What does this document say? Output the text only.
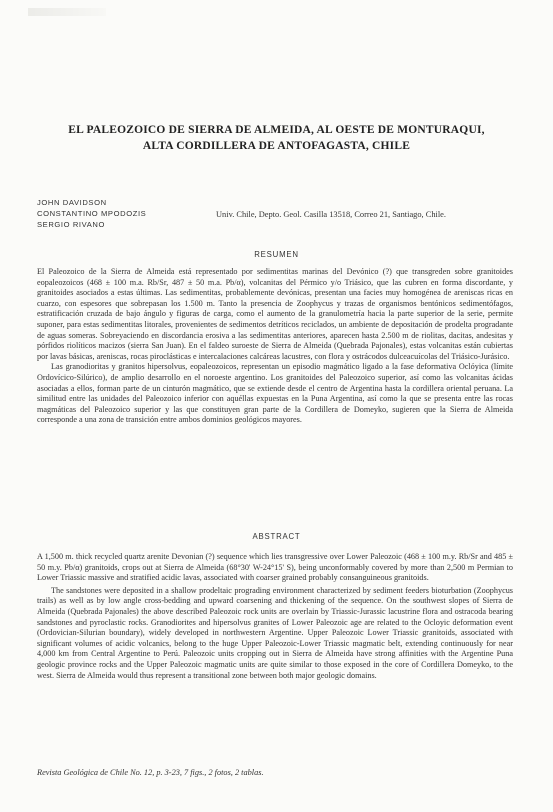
EL PALEOZOICO DE SIERRA DE ALMEIDA, AL OESTE DE MONTURAQUI,
ALTA CORDILLERA DE ANTOFAGASTA, CHILE
JOHN DAVIDSON
CONSTANTINO MPODOZIS
SERGIO RIVANO
Univ. Chile, Depto. Geol. Casilla 13518, Correo 21, Santiago, Chile.
RESUMEN

El Paleozoico de la Sierra de Almeida está representado por sedimentitas marinas del Devónico (?) que transgreden sobre granitoides eopaleozoicos (468 ± 100 m.a. Rb/Sr, 487 ± 50 m.a. Pb/α), volcanitas del Pérmico y/o Triásico, que las cubren en forma discordante, y granitoides asociados a estas últimas. Las sedimentitas, probablemente devónicas, presentan una facies muy homogénea de areniscas ricas en cuarzo, con espesores que sobrepasan los 1.500 m. Tanto la presencia de Zoophycus y trazas de organismos bentónicos sedimentófagos, estratificación cruzada de bajo ángulo y figuras de carga, como el aumento de la granulometría hacia la parte superior de la serie, permite suponer, para estas sedimentitas litorales, provenientes de sedimentos detríticos reciclados, un ambiente de depositación de prodelta progradante de aguas someras. Sobreyaciendo en discordancia erosiva a las sedimentitas anteriores, aparecen hasta 2.500 m de riolitas, dacitas, andesitas y pórfidos riolíticos macizos (sierra San Juan). En el faldeo suroeste de Sierra de Almeida (Quebrada Pajonales), estas volcanitas están cubiertas por lavas básicas, areniscas, rocas piroclásticas e intercalaciones calcáreas lacustres, con flora y ostrácodos dulceacuícolas del Triásico-Jurásico.

Las granodioritas y granitos hipersolvus, eopaleozoicos, representan un episodio magmático ligado a la fase deformativa Oclóyica (límite Ordovícico-Silúrico), de amplio desarrollo en el noroeste argentino. Los granitoides del Paleozoico superior, así como las volcanitas ácidas asociadas a ellos, forman parte de un cinturón magmático, que se extiende desde el centro de Argentina hasta la cordillera oriental peruana. La similitud entre las unidades del Paleozoico inferior con aquéllas expuestas en la Puna Argentina, así como la que se presenta entre las rocas magmáticas del Paleozoico superior y las que constituyen gran parte de la Cordillera de Domeyko, sugieren que la Sierra de Almeida corresponde a una zona de transición entre ambos dominios geológicos mayores.

ABSTRACT

A 1,500 m. thick recycled quartz arenite Devonian (?) sequence which lies transgressive over Lower Paleozoic (468 ± 100 m.y. Rb/Sr and 485 ± 50 m.y. Pb/α) granitoids, crops out at Sierra de Almeida (68°30' W-24°15' S), being unconformably covered by more than 2,500 m Permian to Lower Triassic massive and stratified acidic lavas, associated with coarser grained probably consanguineous granitoids.

The sandstones were deposited in a shallow prodeltaic prograding environment characterized by sediment feeders bioturbation (Zoophycus trails) as well as by low angle cross-bedding and upward coarsening and thickening of the sequence. On the southwest slopes of Sierra de Almeida (Quebrada Pajonales) the above described Paleozoic rock units are overlain by Triassic-Jurassic lacustrine flora and ostracoda bearing sandstones and pyroclastic rocks. Granodiorites and hipersolvus granites of Lower Paleozoic age are related to the Ocloyic deformation event (Ordovician-Silurian boundary), widely developed in northwestern Argentine. Upper Paleozoic Lower Triassic granitoids, associated with significant volumes of acidic volcanics, belong to the huge Upper Paleozoic-Lower Triassic magmatic belt, extending continuously for near 4,000 km from Central Argentine to Perú. Paleozoic units cropping out in Sierra de Almeida have strong affinities with the Argentine Puna geologic province rocks and the Upper Paleozoic magmatic units are quite similar to those exposed in the core of Cordillera Domeyko, to the west. Sierra de Almeida would thus represent a transitional zone between both major geologic domains.

Revista Geológica de Chile No. 12, p. 3-23, 7 figs., 2 fotos, 2 tablas.
